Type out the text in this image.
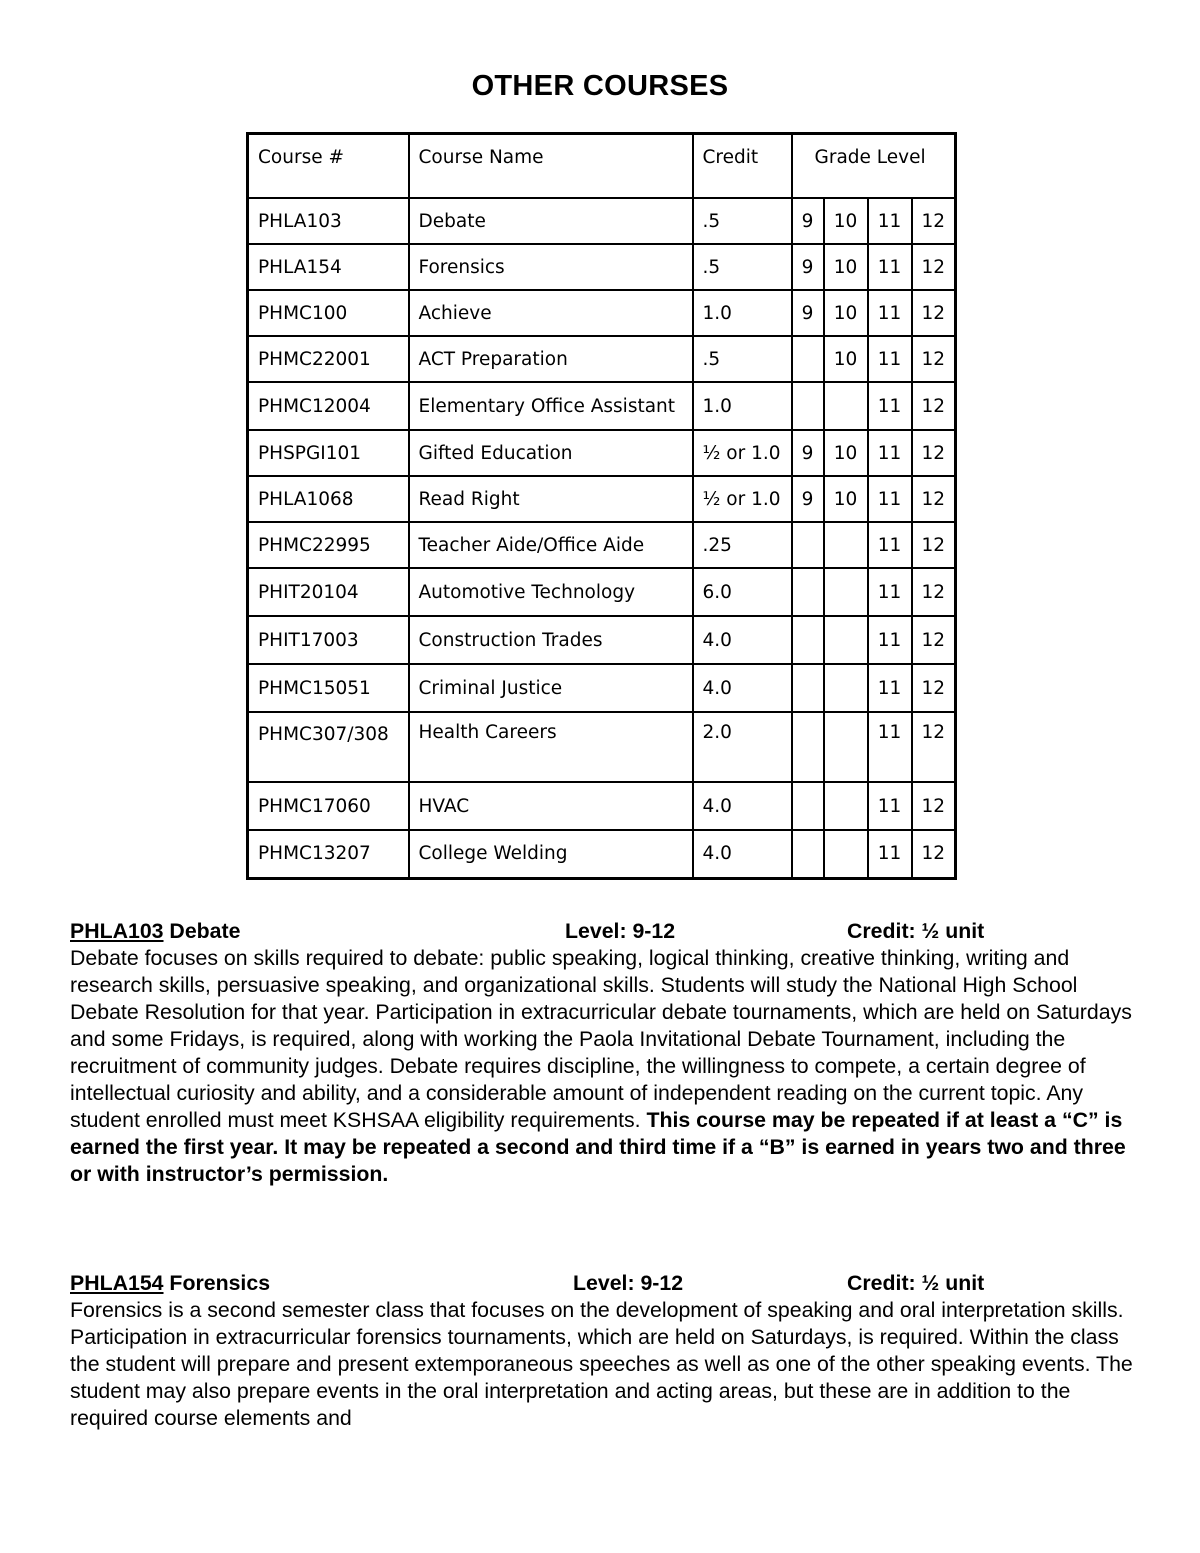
OTHER COURSES
Course #	Course Name	Credit	Grade Level			
PHLA103	Debate	.5	9	10	11	12
PHLA154	Forensics	.5	9	10	11	12
PHMC100	Achieve	1.0	9	10	11	12
PHMC22001	ACT Preparation	.5		10	11	12
PHMC12004	Elementary Office Assistant	1.0			11	12
PHSPGI101	Gifted Education	½ or 1.0	9	10	11	12
PHLA1068	Read Right	½ or 1.0	9	10	11	12
PHMC22995	Teacher Aide/Office Aide	.25			11	12
PHIT20104	Automotive Technology	6.0			11	12
PHIT17003	Construction Trades	4.0			11	12
PHMC15051	Criminal Justice	4.0			11	12
PHMC307/308	Health Careers	2.0			11	12
PHMC17060	HVAC	4.0			11	12
PHMC13207	College Welding	4.0			11	12
PHLA103 Debate	Level: 9-12	Credit: ½ unit

Debate focuses on skills required to debate: public speaking, logical thinking, creative thinking, writing and research skills, persuasive speaking, and organizational skills. Students will study the National High School Debate Resolution for that year. Participation in extracurricular debate tournaments, which are held on Saturdays and some Fridays, is required, along with working the Paola Invitational Debate Tournament, including the recruitment of community judges. Debate requires discipline, the willingness to compete, a certain degree of intellectual curiosity and ability, and a considerable amount of independent reading on the current topic. Any student enrolled must meet KSHSAA eligibility requirements. This course may be repeated if at least a “C” is earned the first year. It may be repeated a second and third time if a “B” is earned in years two and three or with instructor’s permission.

PHLA154 Forensics	Level: 9-12	Credit: ½ unit

Forensics is a second semester class that focuses on the development of speaking and oral interpretation skills. Participation in extracurricular forensics tournaments, which are held on Saturdays, is required. Within the class the student will prepare and present extemporaneous speeches as well as one of the other speaking events. The student may also prepare events in the oral interpretation and acting areas, but these are in addition to the required course elements and
